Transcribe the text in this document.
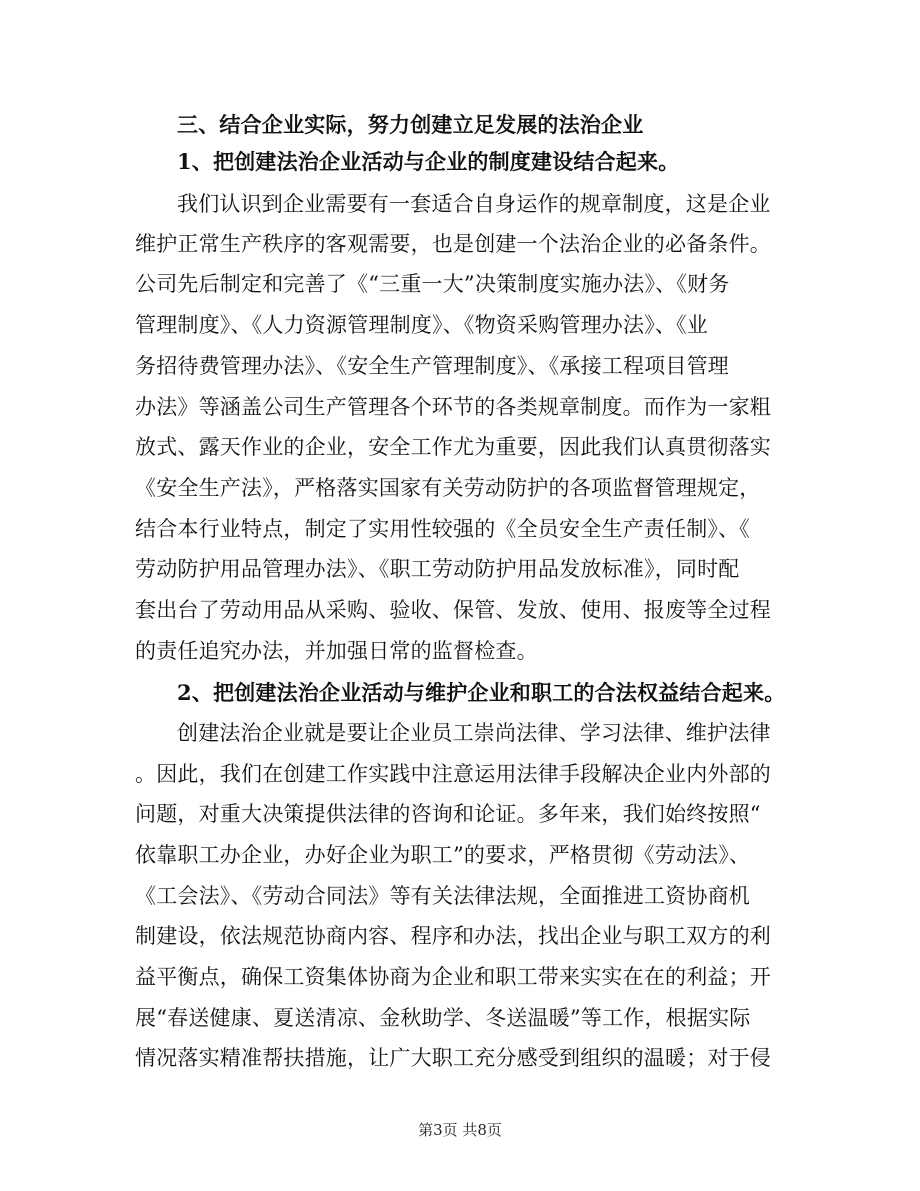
三、结合企业实际，努力创建立足发展的法治企业
1、把创建法治企业活动与企业的制度建设结合起来。
我们认识到企业需要有一套适合自身运作的规章制度，这是企业
维护正常生产秩序的客观需要，也是创建一个法治企业的必备条件。
公司先后制定和完善了《“三重一大”决策制度实施办法》、《财务
管理制度》、《人力资源管理制度》、《物资采购管理办法》、《业
务招待费管理办法》、《安全生产管理制度》、《承接工程项目管理
办法》等涵盖公司生产管理各个环节的各类规章制度。而作为一家粗
放式、露天作业的企业，安全工作尤为重要，因此我们认真贯彻落实
《安全生产法》，严格落实国家有关劳动防护的各项监督管理规定，
结合本行业特点，制定了实用性较强的《全员安全生产责任制》、《
劳动防护用品管理办法》、《职工劳动防护用品发放标准》，同时配
套出台了劳动用品从采购、验收、保管、发放、使用、报废等全过程
的责任追究办法，并加强日常的监督检查。
2、把创建法治企业活动与维护企业和职工的合法权益结合起来。
创建法治企业就是要让企业员工崇尚法律、学习法律、维护法律
。因此，我们在创建工作实践中注意运用法律手段解决企业内外部的
问题，对重大决策提供法律的咨询和论证。多年来，我们始终按照“
依靠职工办企业，办好企业为职工”的要求，严格贯彻《劳动法》、
《工会法》、《劳动合同法》等有关法律法规，全面推进工资协商机
制建设，依法规范协商内容、程序和办法，找出企业与职工双方的利
益平衡点，确保工资集体协商为企业和职工带来实实在在的利益；开
展“春送健康、夏送清凉、金秋助学、冬送温暖”等工作，根据实际
情况落实精准帮扶措施，让广大职工充分感受到组织的温暖；对于侵
第3页 共8页
